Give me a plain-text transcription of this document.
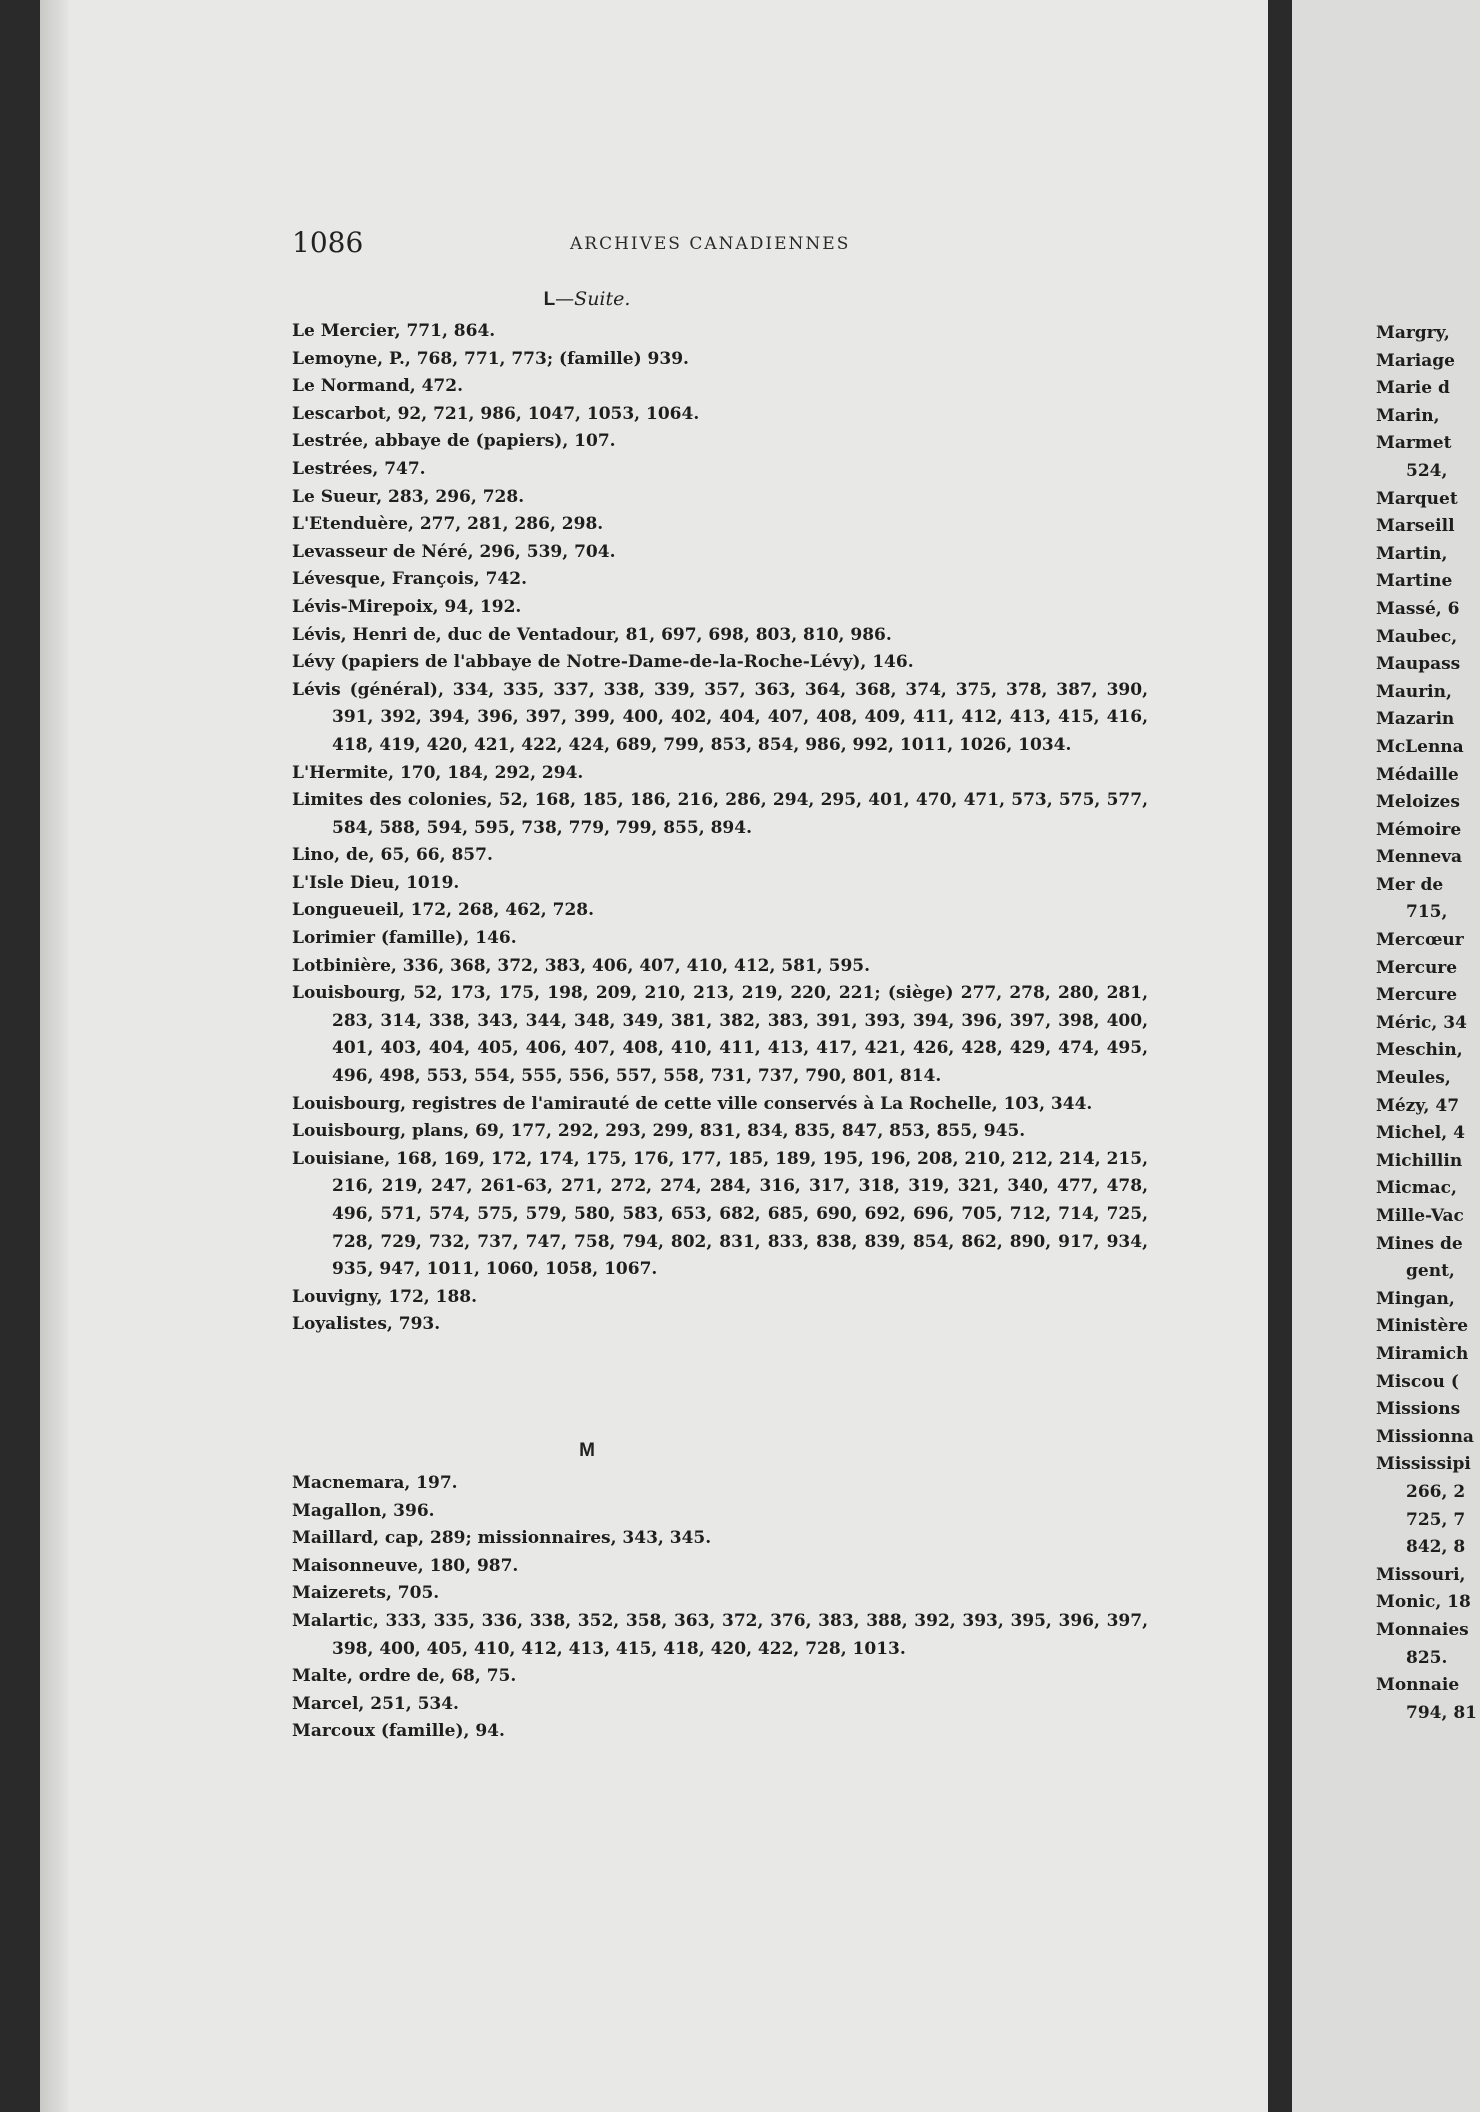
1086	ARCHIVES CANADIENNES
L—Suite.
Le Mercier, 771, 864.
Lemoyne, P., 768, 771, 773; (famille) 939.
Le Normand, 472.
Lescarbot, 92, 721, 986, 1047, 1053, 1064.
Lestrée, abbaye de (papiers), 107.
Lestrées, 747.
Le Sueur, 283, 296, 728.
L'Etenduère, 277, 281, 286, 298.
Levasseur de Néré, 296, 539, 704.
Lévesque, François, 742.
Lévis-Mirepoix, 94, 192.
Lévis, Henri de, duc de Ventadour, 81, 697, 698, 803, 810, 986.
Lévy (papiers de l'abbaye de Notre-Dame-de-la-Roche-Lévy), 146.
Lévis (général), 334, 335, 337, 338, 339, 357, 363, 364, 368, 374, 375, 378, 387, 390, 391, 392, 394, 396, 397, 399, 400, 402, 404, 407, 408, 409, 411, 412, 413, 415, 416, 418, 419, 420, 421, 422, 424, 689, 799, 853, 854, 986, 992, 1011, 1026, 1034.
L'Hermite, 170, 184, 292, 294.
Limites des colonies, 52, 168, 185, 186, 216, 286, 294, 295, 401, 470, 471, 573, 575, 577, 584, 588, 594, 595, 738, 779, 799, 855, 894.
Lino, de, 65, 66, 857.
L'Isle Dieu, 1019.
Longueueil, 172, 268, 462, 728.
Lorimier (famille), 146.
Lotbinière, 336, 368, 372, 383, 406, 407, 410, 412, 581, 595.
Louisbourg, 52, 173, 175, 198, 209, 210, 213, 219, 220, 221; (siège) 277, 278, 280, 281, 283, 314, 338, 343, 344, 348, 349, 381, 382, 383, 391, 393, 394, 396, 397, 398, 400, 401, 403, 404, 405, 406, 407, 408, 410, 411, 413, 417, 421, 426, 428, 429, 474, 495, 496, 498, 553, 554, 555, 556, 557, 558, 731, 737, 790, 801, 814.
Louisbourg, registres de l'amirauté de cette ville conservés à La Rochelle, 103, 344.
Louisbourg, plans, 69, 177, 292, 293, 299, 831, 834, 835, 847, 853, 855, 945.
Louisiane, 168, 169, 172, 174, 175, 176, 177, 185, 189, 195, 196, 208, 210, 212, 214, 215, 216, 219, 247, 261-63, 271, 272, 274, 284, 316, 317, 318, 319, 321, 340, 477, 478, 496, 571, 574, 575, 579, 580, 583, 653, 682, 685, 690, 692, 696, 705, 712, 714, 725, 728, 729, 732, 737, 747, 758, 794, 802, 831, 833, 838, 839, 854, 862, 890, 917, 934, 935, 947, 1011, 1060, 1058, 1067.
Louvigny, 172, 188.
Loyalistes, 793.
M
Macnemara, 197.
Magallon, 396.
Maillard, cap, 289; missionnaires, 343, 345.
Maisonneuve, 180, 987.
Maizerets, 705.
Malartic, 333, 335, 336, 338, 352, 358, 363, 372, 376, 383, 388, 392, 393, 395, 396, 397, 398, 400, 405, 410, 412, 413, 415, 418, 420, 422, 728, 1013.
Malte, ordre de, 68, 75.
Marcel, 251, 534.
Marcoux (famille), 94.
Margry,
Mariage
Marie d
Marin,
Marmet
524,
Marquet
Marseill
Martin,
Martine
Massé, 6
Maubec,
Maupass
Maurin,
Mazarin
McLenna
Médaille
Meloizes
Mémoire
Menneva
Mer de
715,
Mercœur
Mercure
Mercure
Méric, 34
Meschin,
Meules,
Mézy, 47
Michel, 4
Michillin
Micmac,
Mille-Vac
Mines de
gent,
Mingan,
Ministère
Miramich
Miscou (
Missions
Missionna
Mississipi
266, 2
725, 7
842, 8
Missouri,
Monic, 18
Monnaies
825.
Monnaie
794, 81
